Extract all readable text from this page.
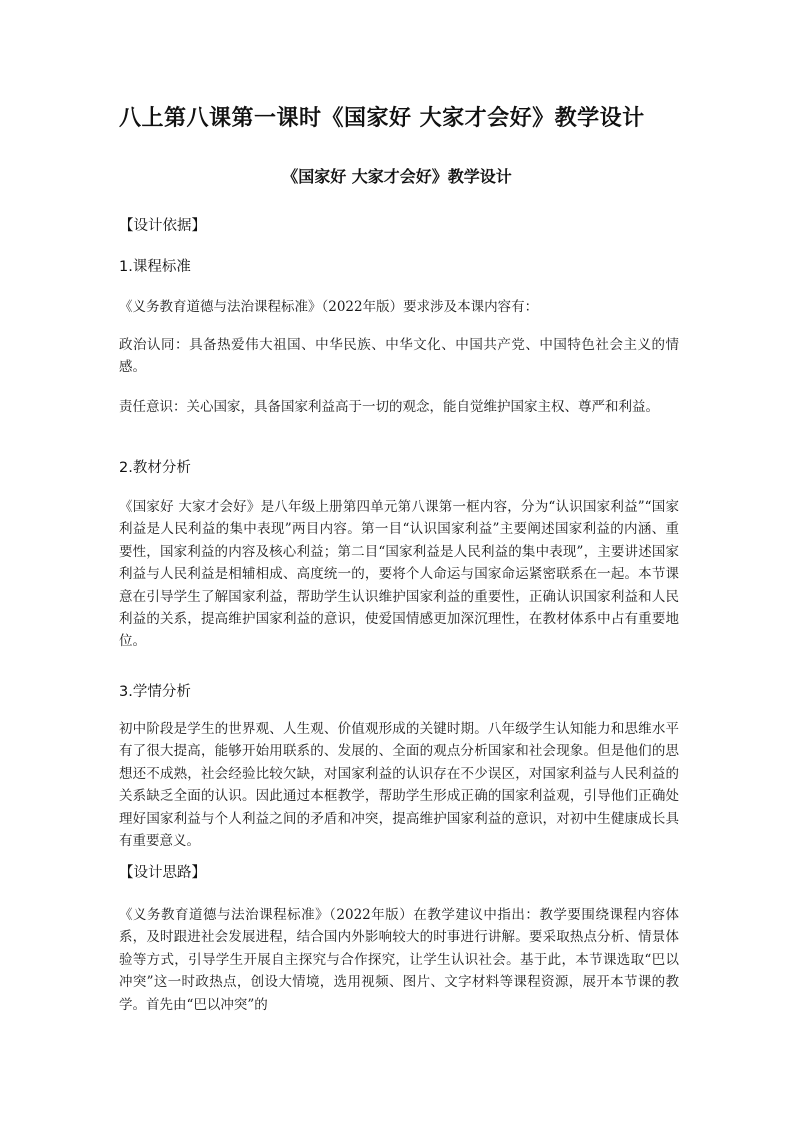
八上第八课第一课时《国家好 大家才会好》教学设计
《国家好 大家才会好》教学设计
【设计依据】
1.课程标准
《义务教育道德与法治课程标准》（2022年版）要求涉及本课内容有：
政治认同：具备热爱伟大祖国、中华民族、中华文化、中国共产党、中国特色社会主义的情感。
责任意识：关心国家，具备国家利益高于一切的观念，能自觉维护国家主权、尊严和利益。
2.教材分析
《国家好 大家才会好》是八年级上册第四单元第八课第一框内容，分为“认识国家利益”“国家利益是人民利益的集中表现”两目内容。第一目“认识国家利益”主要阐述国家利益的内涵、重要性，国家利益的内容及核心利益；第二目“国家利益是人民利益的集中表现”，主要讲述国家利益与人民利益是相辅相成、高度统一的，要将个人命运与国家命运紧密联系在一起。本节课意在引导学生了解国家利益，帮助学生认识维护国家利益的重要性，正确认识国家利益和人民利益的关系，提高维护国家利益的意识，使爱国情感更加深沉理性，在教材体系中占有重要地位。
3.学情分析
初中阶段是学生的世界观、人生观、价值观形成的关键时期。八年级学生认知能力和思维水平有了很大提高，能够开始用联系的、发展的、全面的观点分析国家和社会现象。但是他们的思想还不成熟，社会经验比较欠缺，对国家利益的认识存在不少误区，对国家利益与人民利益的关系缺乏全面的认识。因此通过本框教学，帮助学生形成正确的国家利益观，引导他们正确处理好国家利益与个人利益之间的矛盾和冲突，提高维护国家利益的意识，对初中生健康成长具有重要意义。
【设计思路】
《义务教育道德与法治课程标准》（2022年版）在教学建议中指出：教学要围绕课程内容体系，及时跟进社会发展进程，结合国内外影响较大的时事进行讲解。要采取热点分析、情景体验等方式，引导学生开展自主探究与合作探究，让学生认识社会。基于此，本节课选取“巴以冲突”这一时政热点，创设大情境，选用视频、图片、文字材料等课程资源，展开本节课的教学。首先由“巴以冲突”的
